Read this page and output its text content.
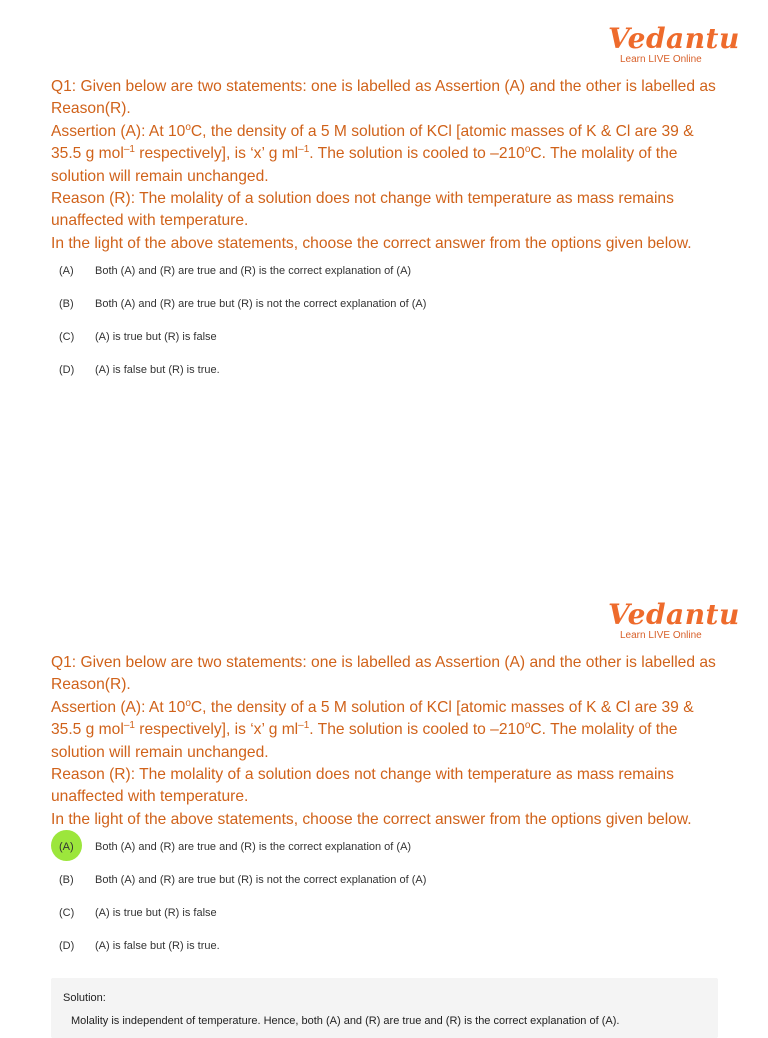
Vedantu
Learn LIVE Online

Q1: Given below are two statements: one is labelled as Assertion (A) and the other is labelled as Reason(R).

Assertion (A): At 10$^o$C, the density of a 5 M solution of KCl [atomic masses of K & Cl are 39 & 35.5 g mol$^{-1}$ respectively], is ‘x’ g $ml^{-1}$. The solution is cooled to –210$^o$C. The molality of the solution will remain unchanged.

Reason (R): The molality of a solution does not change with temperature as mass remains unaffected with temperature.

In the light of the above statements, choose the correct answer from the options given below.

(A)	Both (A) and (R) are true and (R) is the correct explanation of (A)
(B)	Both (A) and (R) are true but (R) is not the correct explanation of (A)
(C)	(A) is true but (R) is false
(D)	(A) is false but (R) is true.
Vedantu
Learn LIVE Online

Q1: Given below are two statements: one is labelled as Assertion (A) and the other is labelled as Reason(R).

Assertion (A): At 10$^o$C, the density of a 5 M solution of KCl [atomic masses of K & Cl are 39 & 35.5 g mol$^{-1}$ respectively], is ‘x’ g $ml^{-1}$. The solution is cooled to –210$^o$C. The molality of the solution will remain unchanged.

Reason (R): The molality of a solution does not change with temperature as mass remains unaffected with temperature.

In the light of the above statements, choose the correct answer from the options given below.

(A)	Both (A) and (R) are true and (R) is the correct explanation of (A)
(B)	Both (A) and (R) are true but (R) is not the correct explanation of (A)
(C)	(A) is true but (R) is false
(D)	(A) is false but (R) is true.
Solution:
Molality is independent of temperature. Hence, both (A) and (R) are true and (R) is the correct explanation of (A).
